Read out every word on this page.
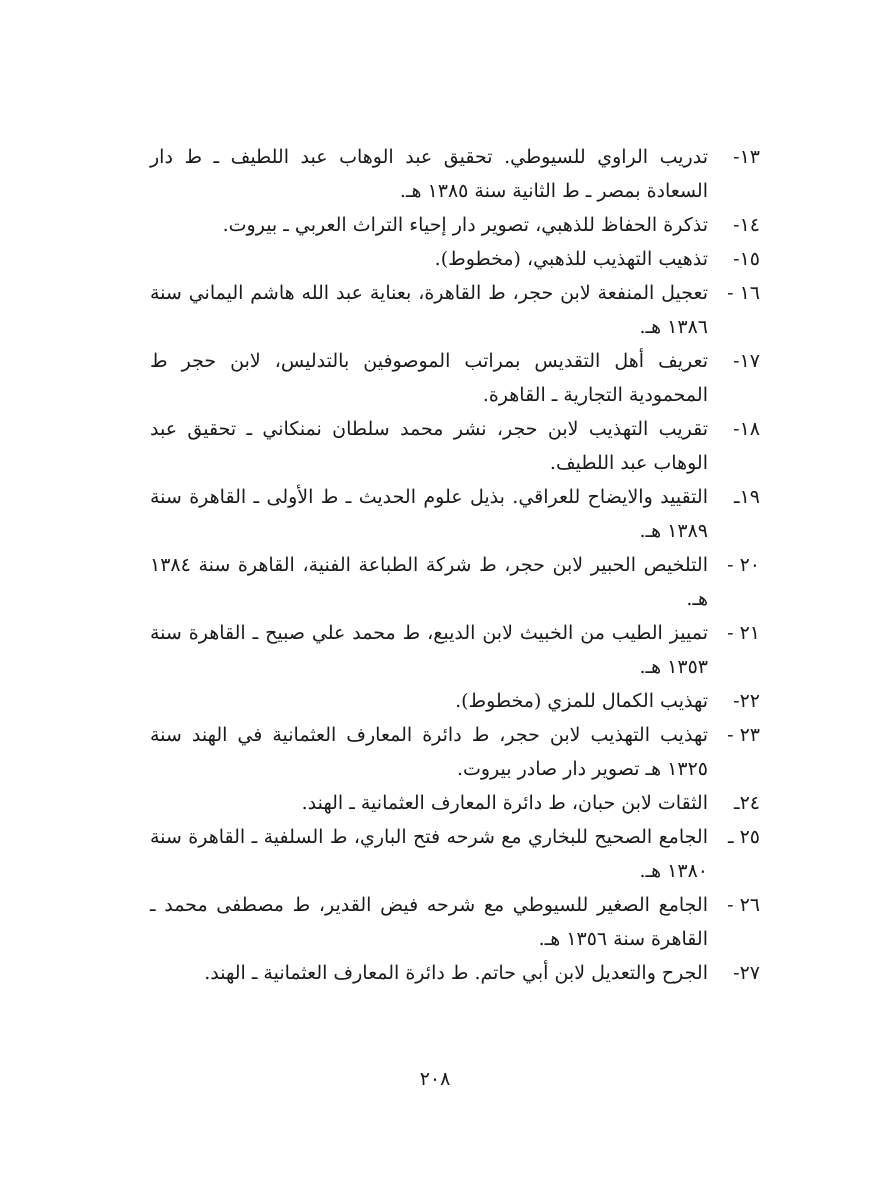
١٣-
تدريب الراوي للسيوطي. تحقيق عبد الوهاب عبد اللطيف ـ ط دار السعادة بمصر ـ ط الثانية سنة ١٣٨٥ هـ.
١٤-
تذكرة الحفاظ للذهبي، تصوير دار إحياء التراث العربي ـ بيروت.
١٥-
تذهيب التهذيب للذهبي، (مخطوط).
١٦ -
تعجيل المنفعة لابن حجر، ط القاهرة، بعناية عبد الله هاشم اليماني سنة ١٣٨٦ هـ.
١٧-
تعريف أهل التقديس بمراتب الموصوفين بالتدليس، لابن حجر ط المحمودية التجارية ـ القاهرة.
١٨-
تقريب التهذيب لابن حجر، نشر محمد سلطان نمنكاني ـ تحقيق عبد الوهاب عبد اللطيف.
١٩ـ
التقييد والايضاح للعراقي. بذيل علوم الحديث ـ ط الأولى ـ القاهرة سنة ١٣٨٩ هـ.
٢٠ -
التلخيص الحبير لابن حجر، ط شركة الطباعة الفنية، القاهرة سنة ١٣٨٤ هـ.
٢١ -
تمييز الطيب من الخبيث لابن الديبع، ط محمد علي صبيح ـ القاهرة سنة ١٣٥٣ هـ.
٢٢-
تهذيب الكمال للمزي (مخطوط).
٢٣ -
تهذيب التهذيب لابن حجر، ط دائرة المعارف العثمانية في الهند سنة ١٣٢٥ هـ تصوير دار صادر بيروت.
٢٤ـ
الثقات لابن حبان، ط دائرة المعارف العثمانية ـ الهند.
٢٥ ـ
الجامع الصحيح للبخاري مع شرحه فتح الباري، ط السلفية ـ القاهرة سنة ١٣٨٠ هـ.
٢٦ -
الجامع الصغير للسيوطي مع شرحه فيض القدير، ط مصطفى محمد ـ القاهرة سنة ١٣٥٦ هـ.
٢٧-
الجرح والتعديل لابن أبي حاتم. ط دائرة المعارف العثمانية ـ الهند.
٢٠٨
